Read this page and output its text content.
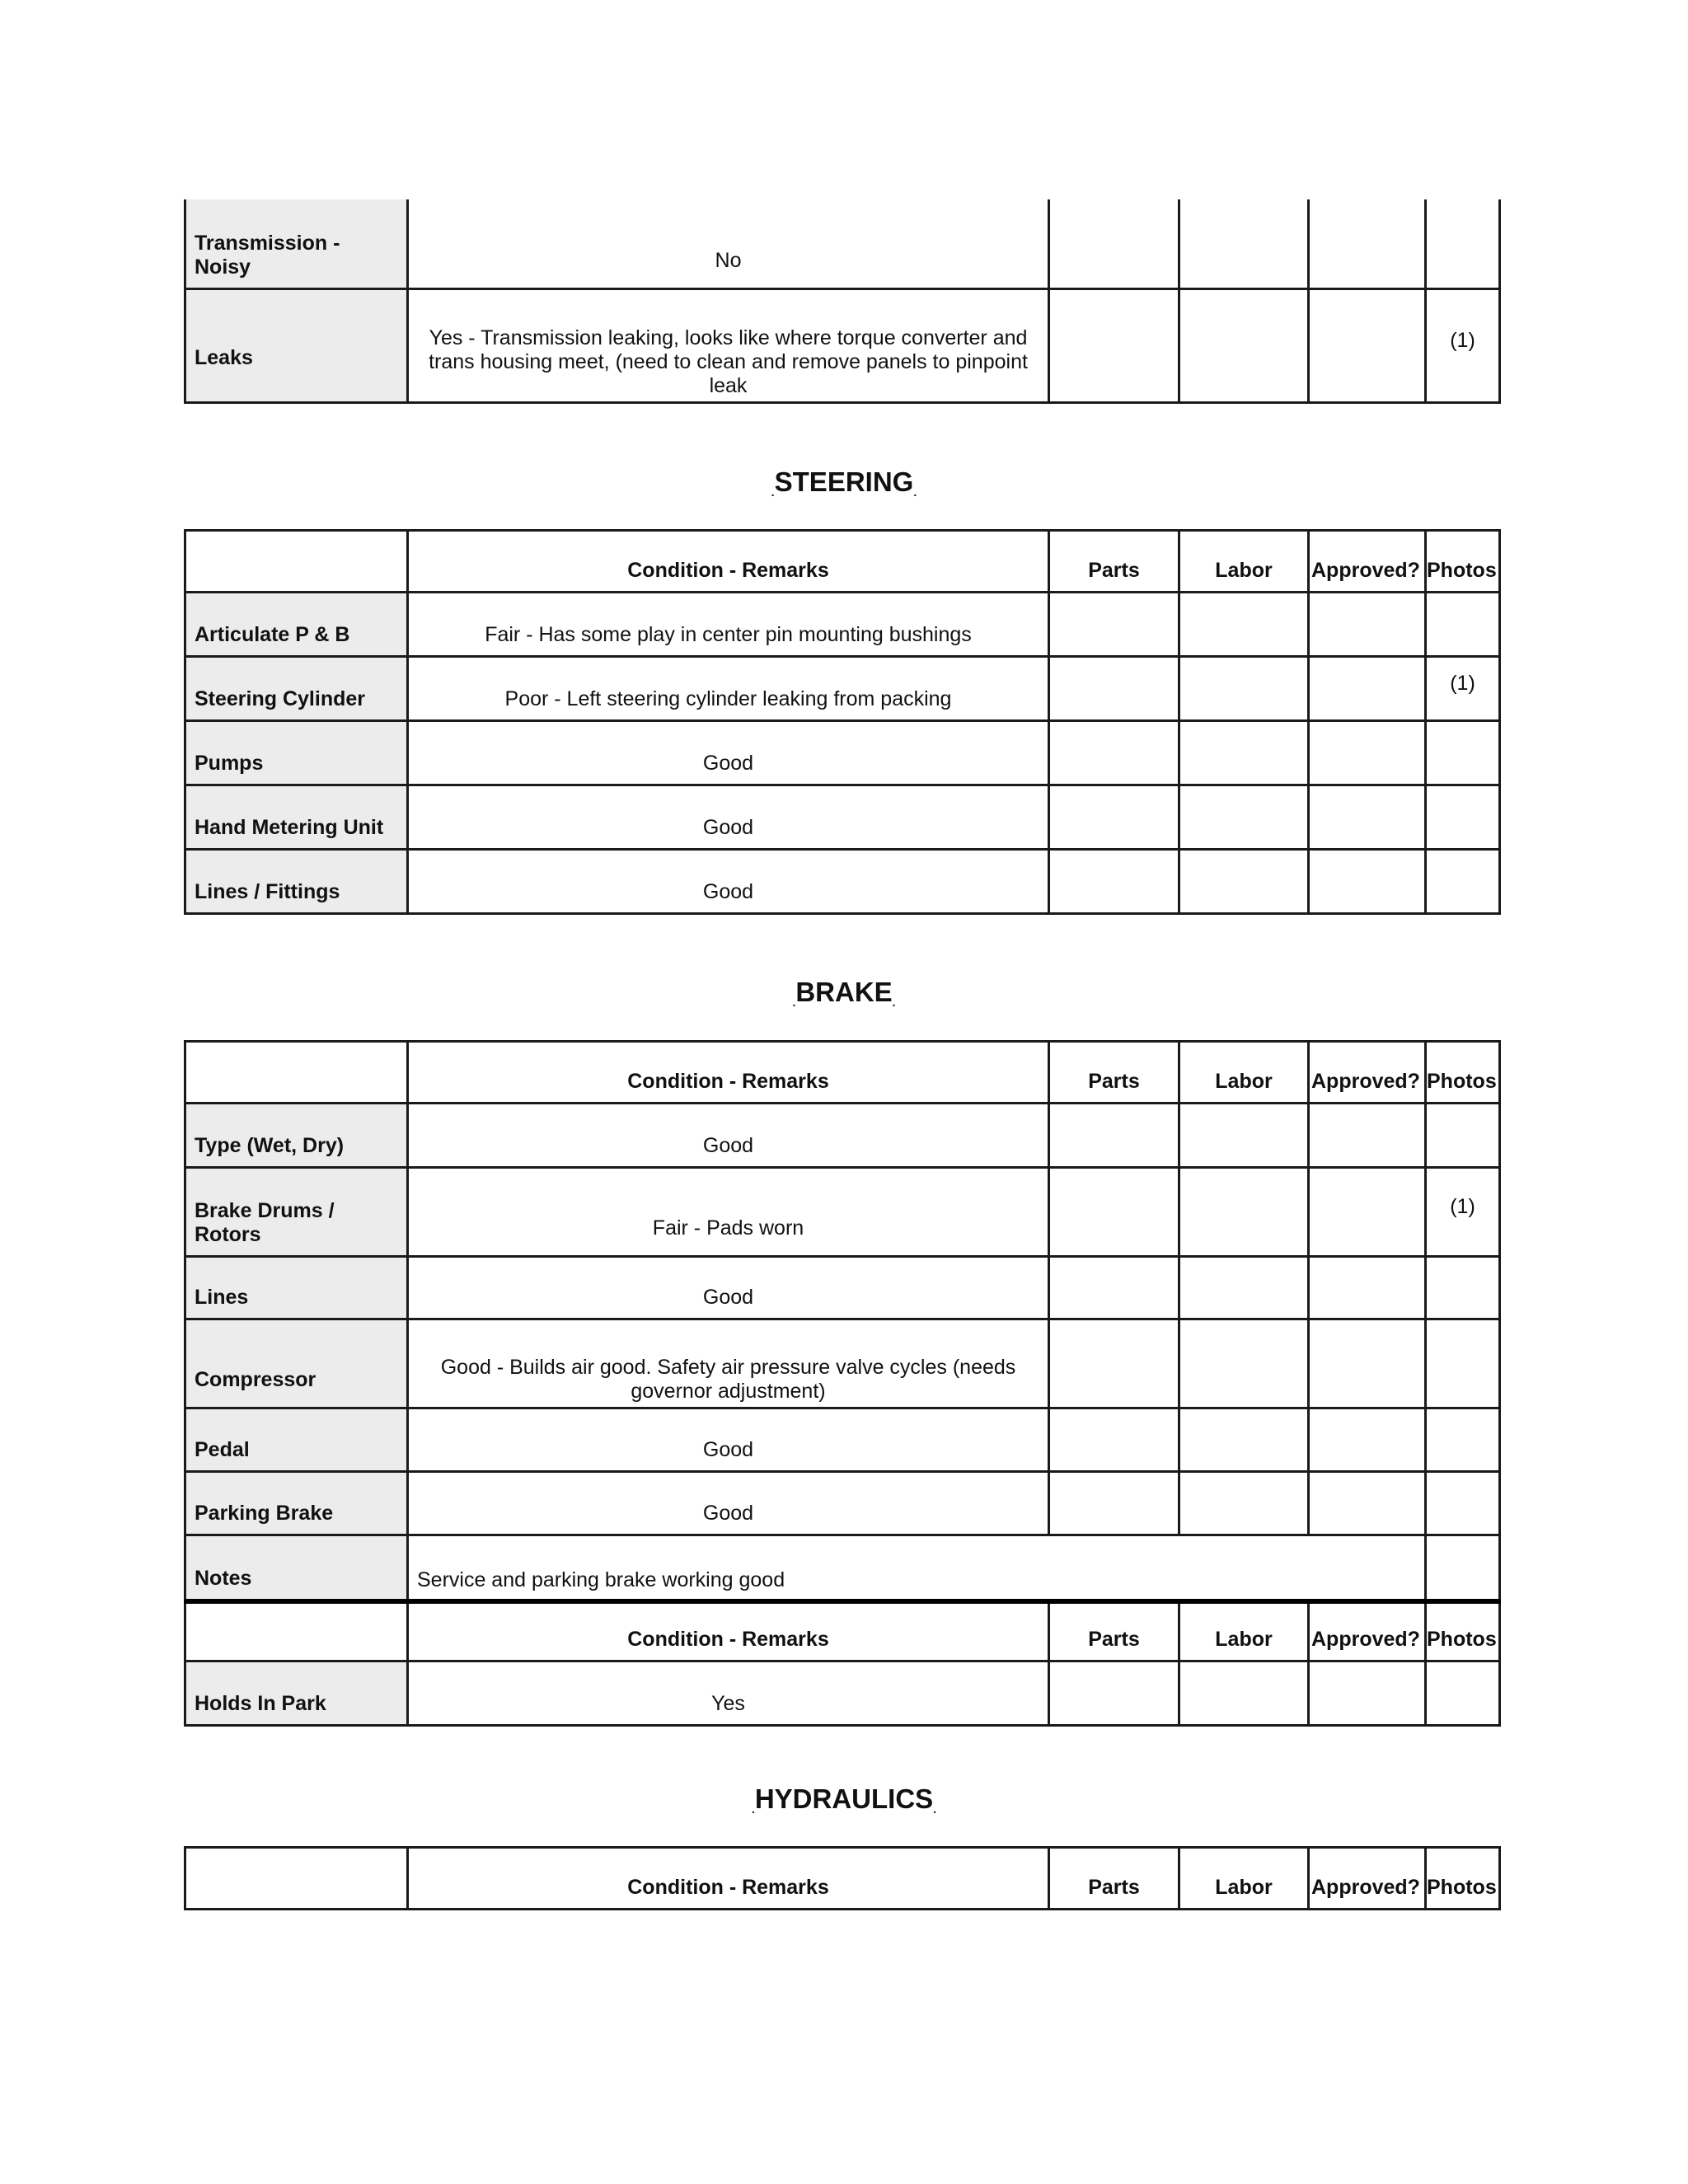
Transmission - Noisy	No				
Leaks	Yes - Transmission leaking, looks like where torque converter and trans housing meet, (need to clean and remove panels to pinpoint leak				(1)
.STEERING.
	Condition - Remarks	Parts	Labor	Approved?	Photos
Articulate P & B	Fair - Has some play in center pin mounting bushings				
Steering Cylinder	Poor - Left steering cylinder leaking from packing				(1)

Pumps	Good				
Hand Metering Unit	Good				
Lines / Fittings	Good				
.BRAKE.
	Condition - Remarks	Parts	Labor	Approved?	Photos
Type (Wet, Dry)	Good				
Brake Drums / Rotors	Fair - Pads worn				(1)

Lines	Good				
Compressor	Good - Builds air good. Safety air pressure valve cycles (needs governor adjustment)				
Pedal	Good				
Parking Brake	Good				
Notes	Service and parking brake working good				
	Condition - Remarks	Parts	Labor	Approved?	Photos
Holds In Park	Yes				
.HYDRAULICS.
	Condition - Remarks	Parts	Labor	Approved?	Photos
